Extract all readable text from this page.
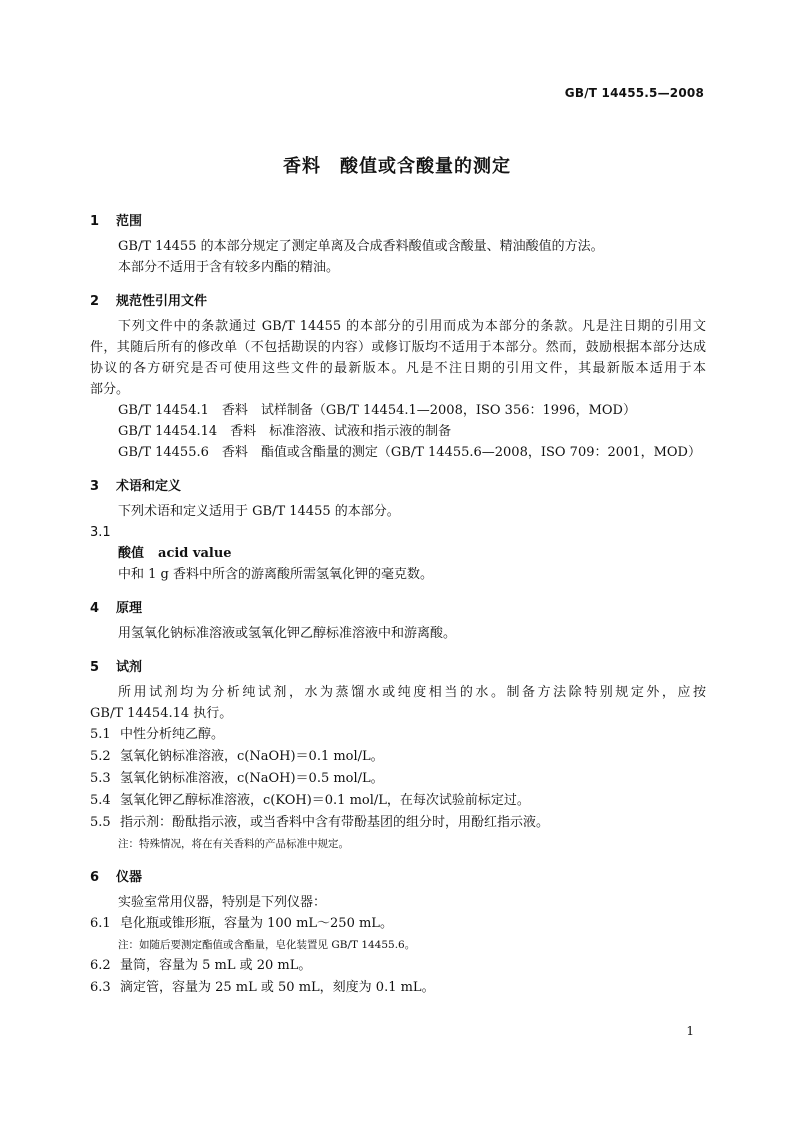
GB/T 14455.5—2008
香料　酸值或含酸量的测定
1 范围
GB/T 14455 的本部分规定了测定单离及合成香料酸值或含酸量、精油酸值的方法。
本部分不适用于含有较多内酯的精油。
2 规范性引用文件
下列文件中的条款通过 GB/T 14455 的本部分的引用而成为本部分的条款。凡是注日期的引用文
件，其随后所有的修改单（不包括勘误的内容）或修订版均不适用于本部分。然而，鼓励根据本部分达成
协议的各方研究是否可使用这些文件的最新版本。凡是不注日期的引用文件，其最新版本适用于本
部分。
GB/T 14454.1　香料　试样制备（GB/T 14454.1—2008，ISO 356：1996，MOD）
GB/T 14454.14　香料　标准溶液、试液和指示液的制备
GB/T 14455.6　香料　酯值或含酯量的测定（GB/T 14455.6—2008，ISO 709：2001，MOD）
3 术语和定义
下列术语和定义适用于 GB/T 14455 的本部分。
3.1
酸值 acid value
中和 1 g 香料中所含的游离酸所需氢氧化钾的毫克数。
4 原理
用氢氧化钠标准溶液或氢氧化钾乙醇标准溶液中和游离酸。
5 试剂
所用试剂均为分析纯试剂，水为蒸馏水或纯度相当的水。制备方法除特别规定外，应按
GB/T 14454.14 执行。
5.1 中性分析纯乙醇。
5.2 氢氧化钠标准溶液，c(NaOH)＝0.1 mol/L。
5.3 氢氧化钠标准溶液，c(NaOH)＝0.5 mol/L。
5.4 氢氧化钾乙醇标准溶液，c(KOH)＝0.1 mol/L，在每次试验前标定过。
5.5 指示剂：酚酞指示液，或当香料中含有带酚基团的组分时，用酚红指示液。
注：特殊情况，将在有关香料的产品标准中规定。
6 仪器
实验室常用仪器，特别是下列仪器：
6.1 皂化瓶或锥形瓶，容量为 100 mL～250 mL。
注：如随后要测定酯值或含酯量，皂化装置见 GB/T 14455.6。
6.2 量筒，容量为 5 mL 或 20 mL。
6.3 滴定管，容量为 25 mL 或 50 mL，刻度为 0.1 mL。
1
